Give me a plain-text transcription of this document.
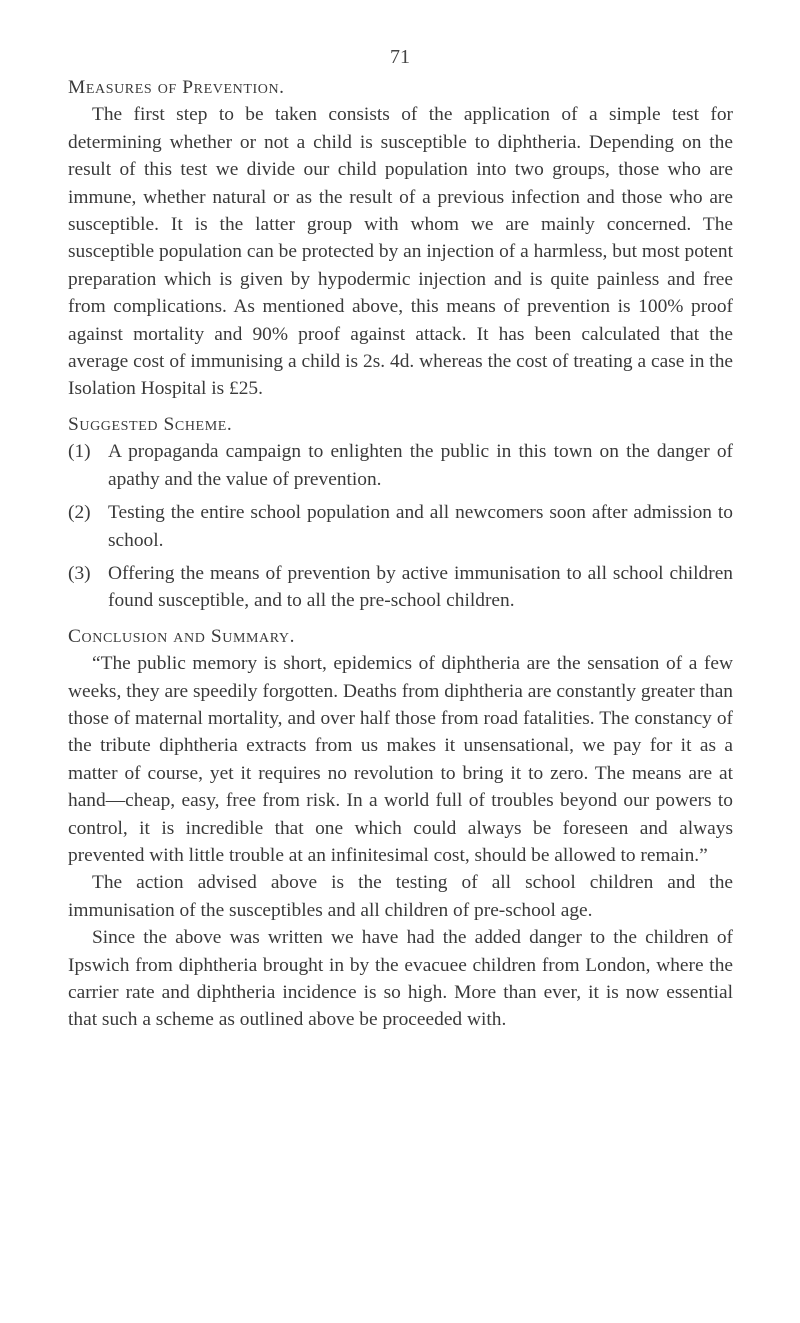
71
Measures of Prevention.

The first step to be taken consists of the application of a simple test for determining whether or not a child is susceptible to diphtheria. Depending on the result of this test we divide our child population into two groups, those who are immune, whether natural or as the result of a previous infection and those who are susceptible. It is the latter group with whom we are mainly concerned. The susceptible population can be protected by an injection of a harmless, but most potent preparation which is given by hypodermic injection and is quite painless and free from complications. As mentioned above, this means of prevention is 100% proof against mortality and 90% proof against attack. It has been calculated that the average cost of immunising a child is 2s. 4d. whereas the cost of treating a case in the Isolation Hospital is £25.

Suggested Scheme.
(1) A propaganda campaign to enlighten the public in this town on the danger of apathy and the value of prevention.
(2) Testing the entire school population and all newcomers soon after admission to school.
(3) Offering the means of prevention by active immunisation to all school children found susceptible, and to all the pre-school children.
Conclusion and Summary.

“The public memory is short, epidemics of diphtheria are the sensation of a few weeks, they are speedily forgotten. Deaths from diphtheria are constantly greater than those of maternal mortality, and over half those from road fatalities. The constancy of the tribute diphtheria extracts from us makes it unsensational, we pay for it as a matter of course, yet it requires no revolution to bring it to zero. The means are at hand—cheap, easy, free from risk. In a world full of troubles beyond our powers to control, it is incredible that one which could always be foreseen and always prevented with little trouble at an infinitesimal cost, should be allowed to remain.”

The action advised above is the testing of all school children and the immunisation of the susceptibles and all children of pre-school age.

Since the above was written we have had the added danger to the children of Ipswich from diphtheria brought in by the evacuee children from London, where the carrier rate and diphtheria incidence is so high. More than ever, it is now essential that such a scheme as outlined above be proceeded with.
